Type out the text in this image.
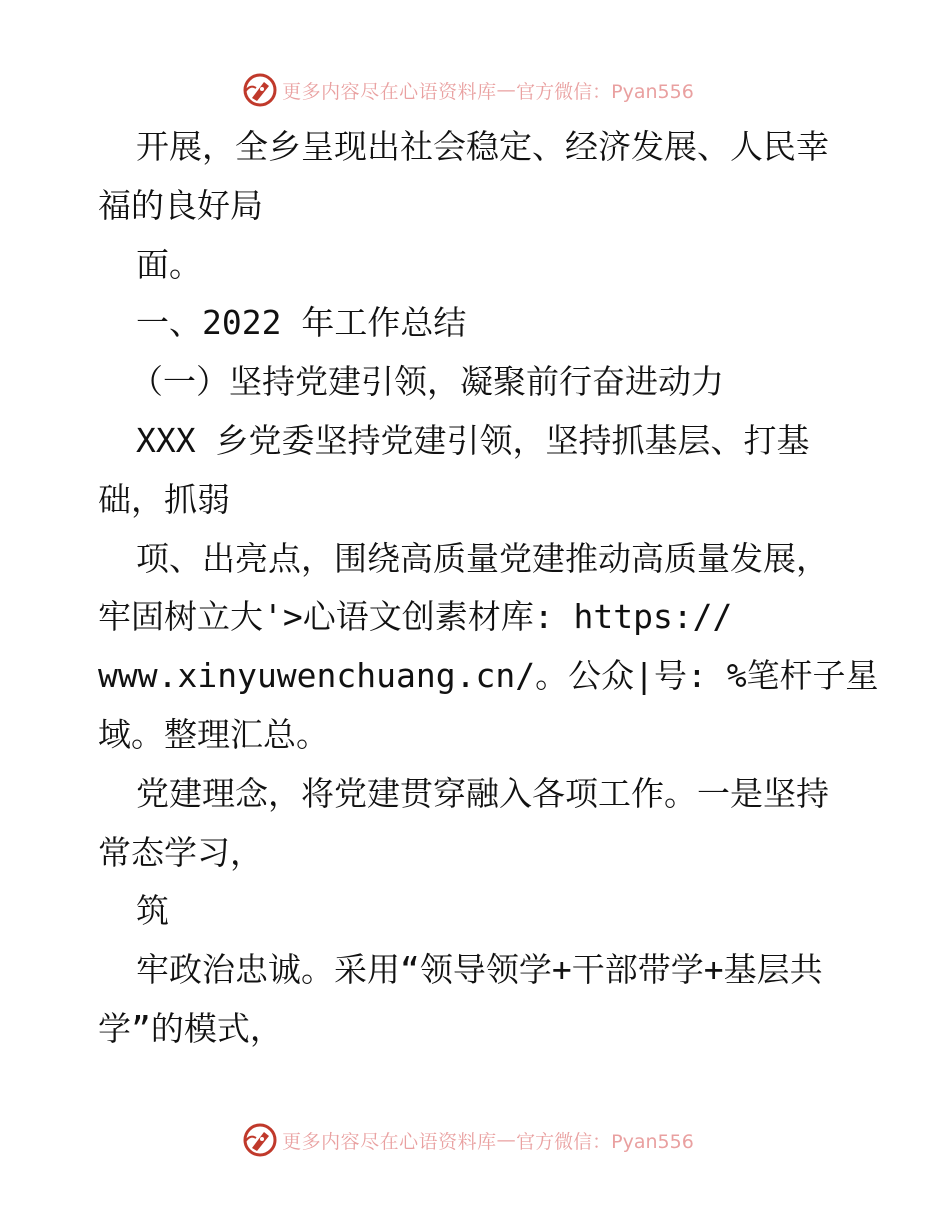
更多内容尽在心语资料库 — 官方微信：Pyan556
开展，全乡呈现出社会稳定、经济发展、人民幸
福的良好局
面。
一、2022 年工作总结
（一）坚持党建引领，凝聚前行奋进动力
XXX 乡党委坚持党建引领，坚持抓基层、打基
础，抓弱
项、出亮点，围绕高质量党建推动高质量发展，
牢固树立大'>心语文创素材库: https://
www.xinyuwenchuang.cn/。公众|号: %笔杆子星
域。整理汇总。
党建理念，将党建贯穿融入各项工作。一是坚持
常态学习，
筑
牢政治忠诚。采用“领导领学+干部带学+基层共
学”的模式，
更多内容尽在心语资料库 — 官方微信：Pyan556
